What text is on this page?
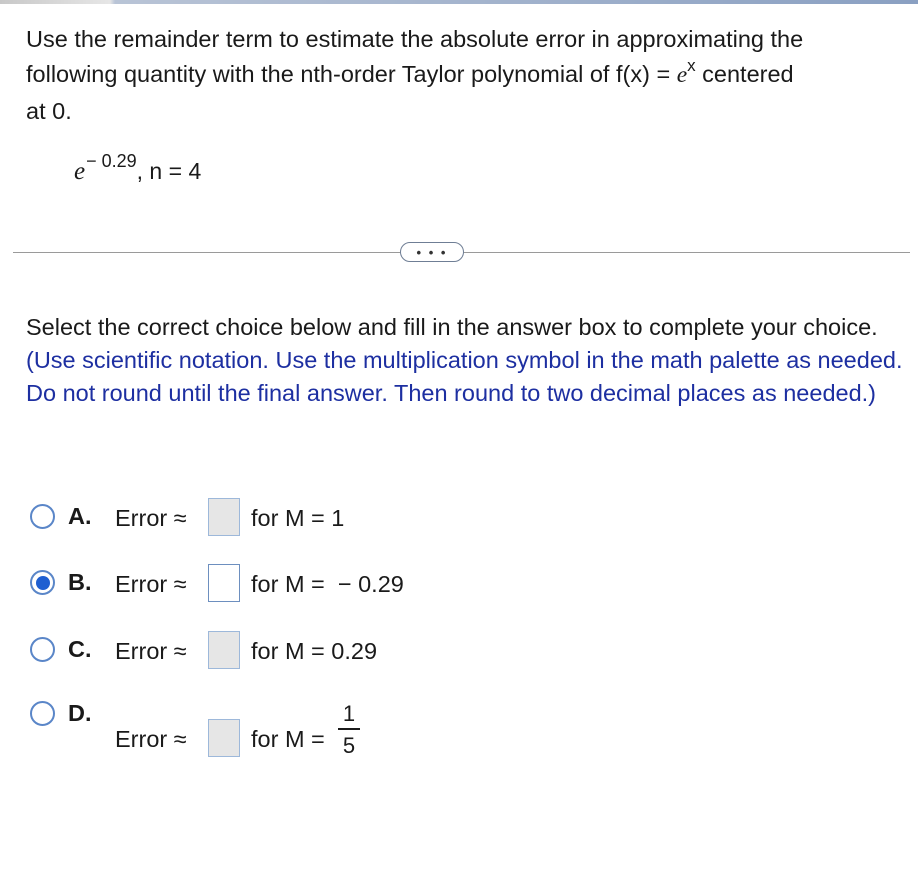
Use the remainder term to estimate the absolute error in approximating the
following quantity with the nth-order Taylor polynomial of $f(x) = e^x$ centered
at 0.
$e^{- 0.29}$, n = 4
• • •
Select the correct choice below and fill in the answer box to complete your choice.
(Use scientific notation. Use the multiplication symbol in the math palette as needed. Do not round until the final answer. Then round to two decimal places as needed.)
A. Error ≈	for M = 1
B. Error ≈	for M =  − 0.29
C. Error ≈	for M = 0.29
D.
Error ≈	for M =
1
5
